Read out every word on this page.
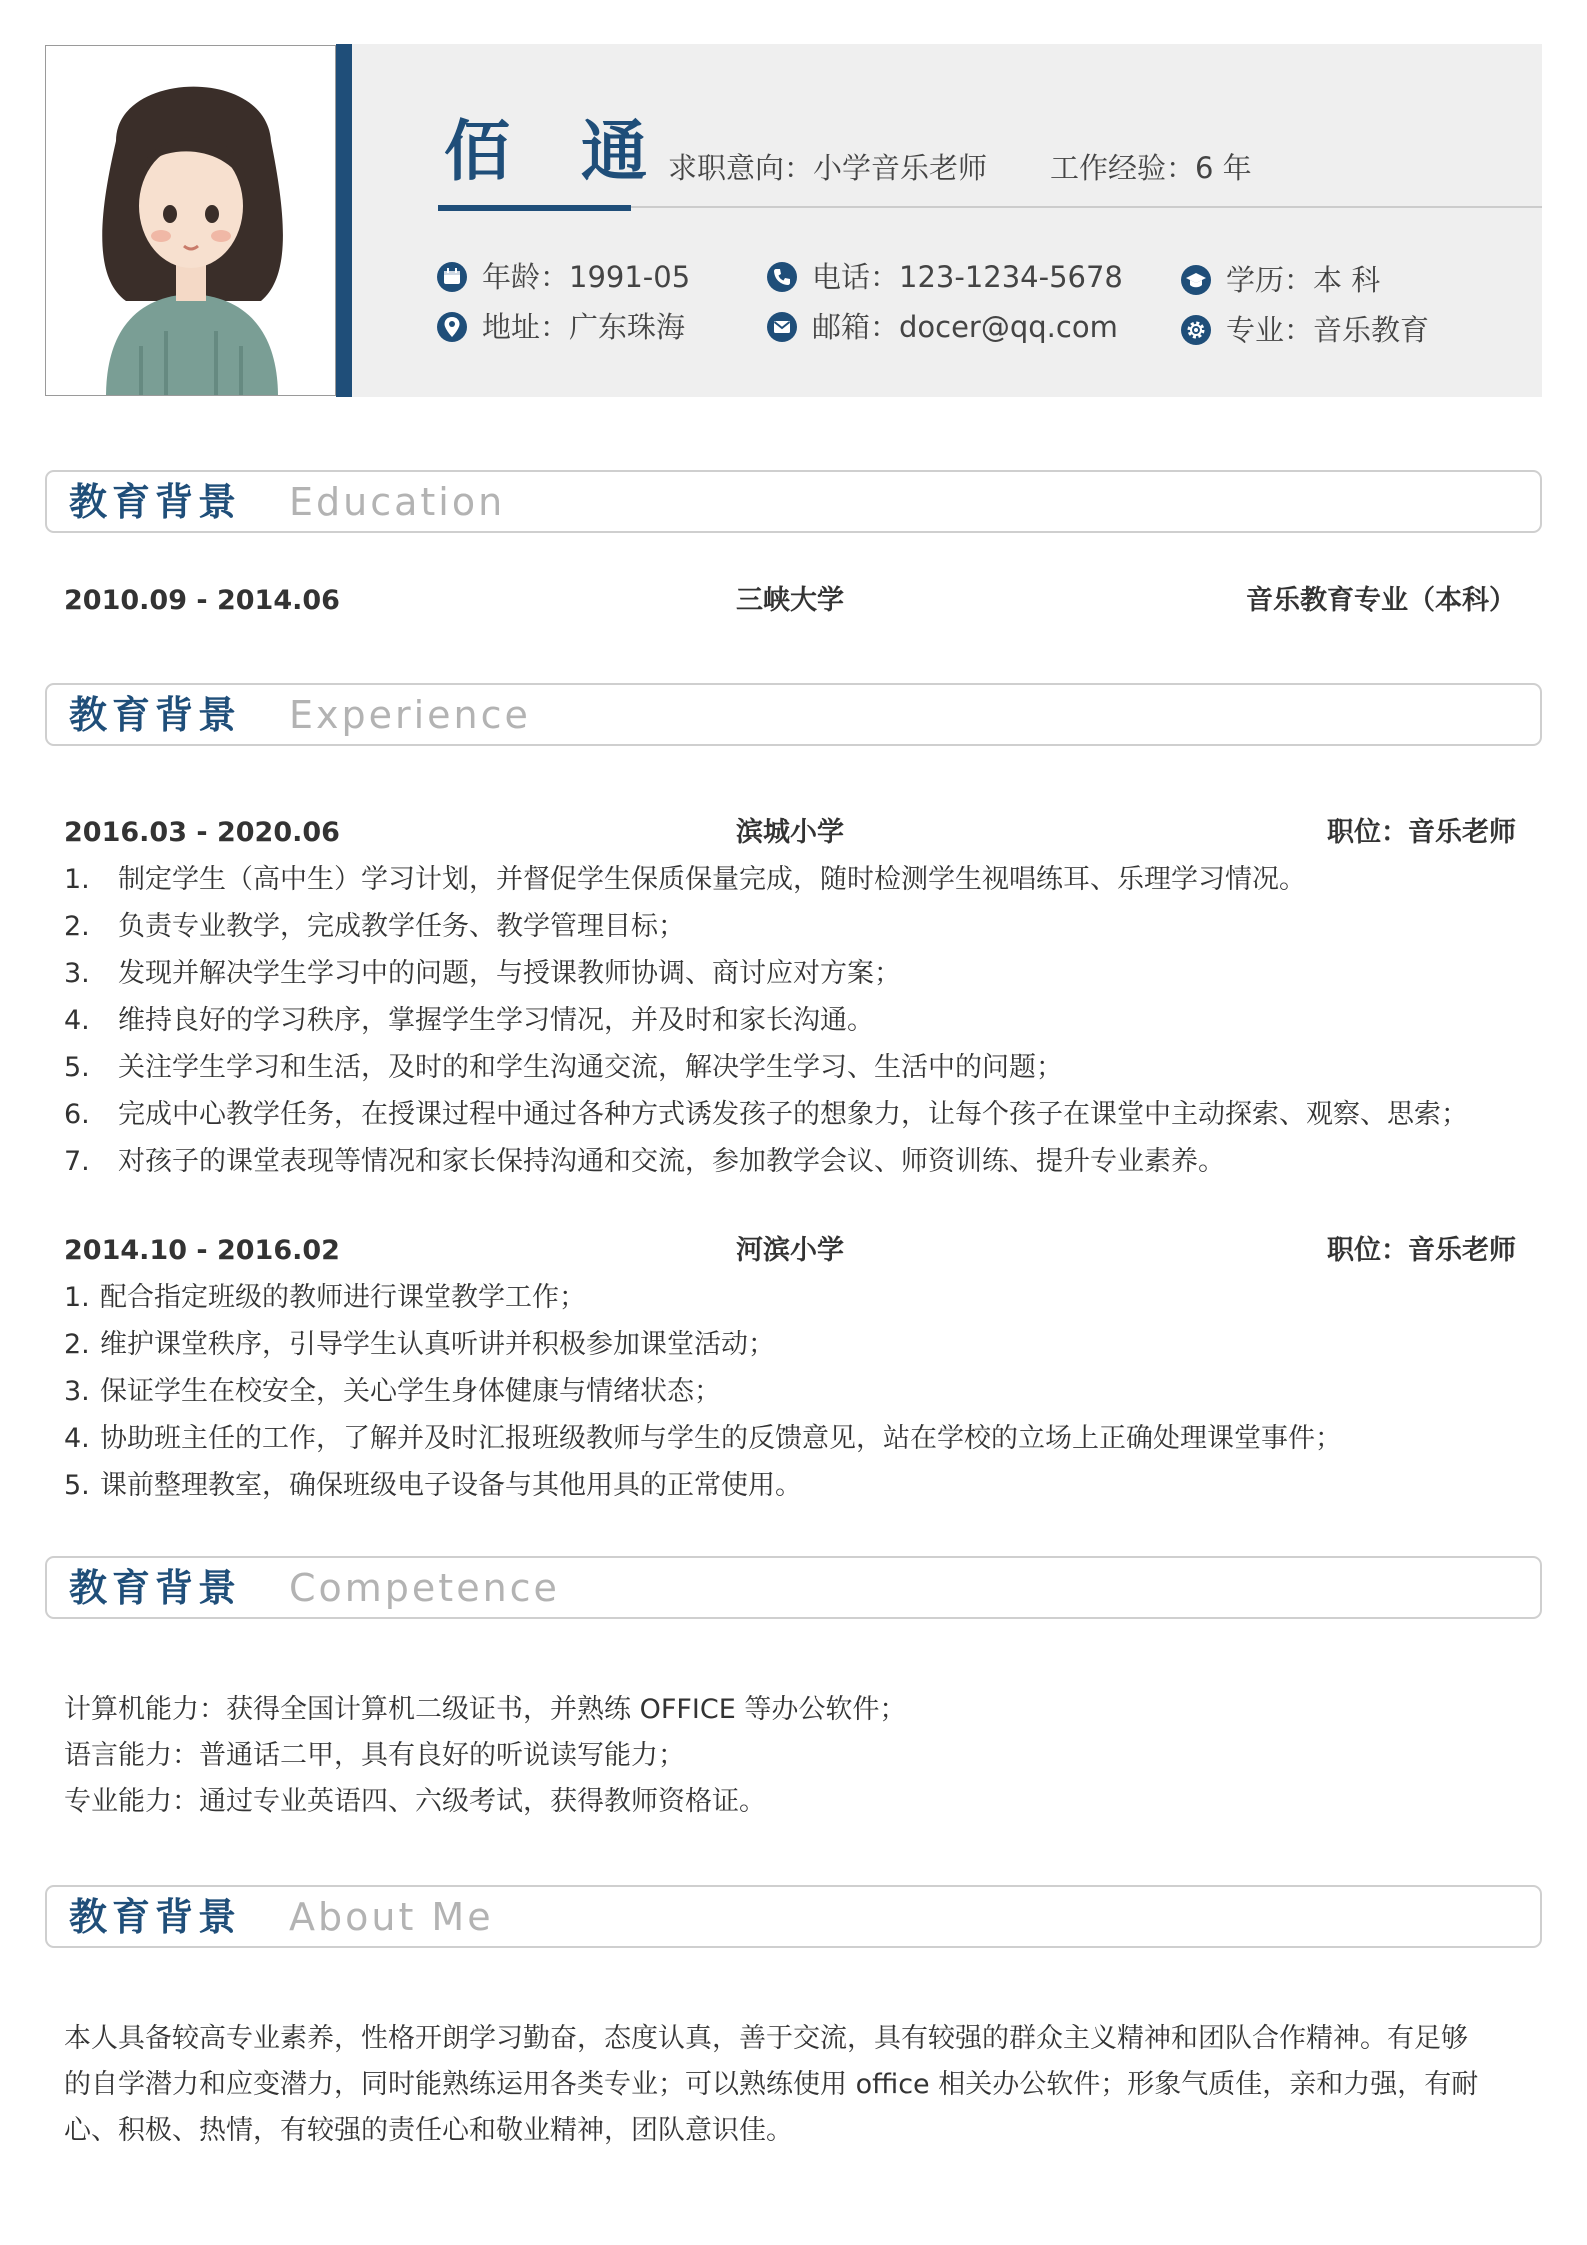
佰 通
求职意向：小学音乐老师 工作经验：6 年
年龄：1991-05	电话：123-1234-5678	学历：本 科
地址：广东珠海	邮箱：docer@qq.com	专业：音乐教育
教育背景 Education
2010.09 - 2014.06	三峡大学	音乐教育专业（本科）
教育背景 Experience
2016.03 - 2020.06	滨城小学	职位：音乐老师
1. 制定学生（高中生）学习计划，并督促学生保质保量完成，随时检测学生视唱练耳、乐理学习情况。
2. 负责专业教学，完成教学任务、教学管理目标；
3. 发现并解决学生学习中的问题，与授课教师协调、商讨应对方案；
4. 维持良好的学习秩序，掌握学生学习情况，并及时和家长沟通。
5. 关注学生学习和生活，及时的和学生沟通交流，解决学生学习、生活中的问题；
6. 完成中心教学任务，在授课过程中通过各种方式诱发孩子的想象力，让每个孩子在课堂中主动探索、观察、思索；
7. 对孩子的课堂表现等情况和家长保持沟通和交流，参加教学会议、师资训练、提升专业素养。
2014.10 - 2016.02	河滨小学	职位：音乐老师
1. 配合指定班级的教师进行课堂教学工作；
2. 维护课堂秩序，引导学生认真听讲并积极参加课堂活动；
3. 保证学生在校安全，关心学生身体健康与情绪状态；
4. 协助班主任的工作，了解并及时汇报班级教师与学生的反馈意见，站在学校的立场上正确处理课堂事件；
5. 课前整理教室，确保班级电子设备与其他用具的正常使用。
教育背景 Competence
计算机能力：获得全国计算机二级证书，并熟练 OFFICE 等办公软件；
语言能力：普通话二甲，具有良好的听说读写能力；
专业能力：通过专业英语四、六级考试，获得教师资格证。
教育背景 About Me
本人具备较高专业素养，性格开朗学习勤奋，态度认真，善于交流，具有较强的群众主义精神和团队合作精神。有足够
的自学潜力和应变潜力，同时能熟练运用各类专业；可以熟练使用 office 相关办公软件；形象气质佳，亲和力强，有耐
心、积极、热情，有较强的责任心和敬业精神，团队意识佳。
